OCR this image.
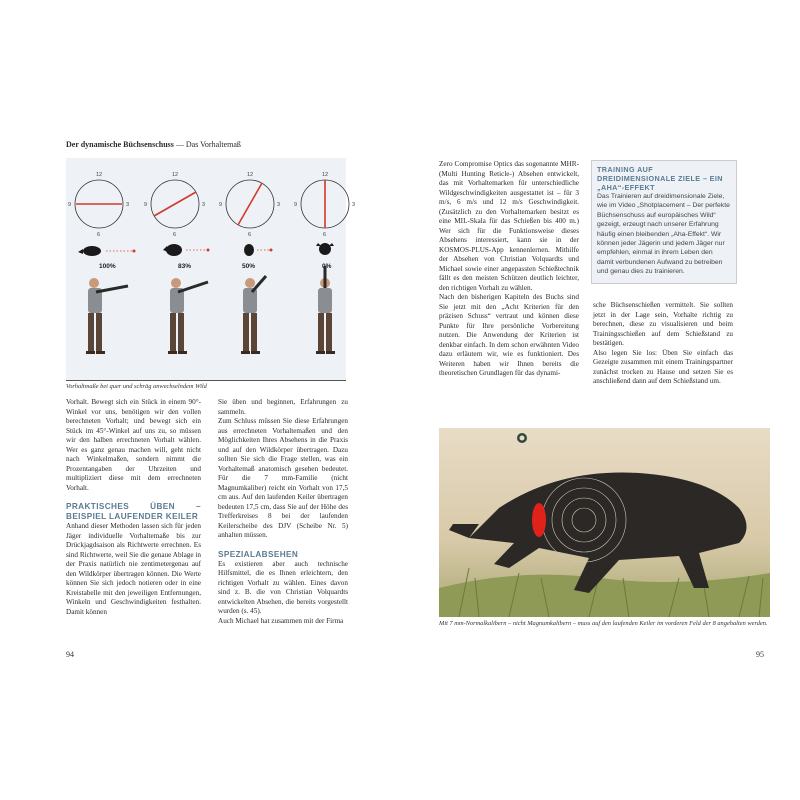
Der dynamische Büchsenschuss — Das Vorhaltemaß
12
9	3
6
12
9	3
6
12
9	3
6
12
9	3
6
100%	83%	50%	0%
Vorhaltmaße bei quer und schräg anwechselndem Wild

Vorhalt. Bewegt sich ein Stück in einem 90°-Winkel vor uns, benötigen wir den vollen berechneten Vorhalt; und bewegt sich ein Stück im 45°-Winkel auf uns zu, so müssen wir den halben errechneten Vorhalt wählen. Wer es ganz genau machen will, geht nicht nach Winkelmaßen, sondern nimmt die Prozentangaben der Uhrzeiten und multipliziert diese mit dem errechneten Vorhalt.

PRAKTISCHES ÜBEN – BEISPIEL LAUFENDER KEILER

Anhand dieser Methoden lassen sich für jeden Jäger individuelle Vorhaltemaße bis zur Drückjagdsaison als Richtwerte errechnen. Es sind Richtwerte, weil Sie die genaue Ablage in der Praxis natürlich nie zentimetergenau auf den Wildkörper übertragen können. Die Werte können Sie sich jedoch notieren oder in eine Kreistabelle mit den jeweiligen Entfernungen, Winkeln und Geschwindigkeiten festhalten. Damit können

Sie üben und beginnen, Erfahrungen zu sammeln.

Zum Schluss müssen Sie diese Erfahrungen aus errechneten Vorhaltemaßen und den Möglichkeiten Ihres Absehens in die Praxis und auf den Wildkörper übertragen. Dazu sollten Sie sich die Frage stellen, was ein Vorhaltemaß anatomisch gesehen bedeutet. Für die 7 mm-Familie (nicht Magnumkaliber) reicht ein Vorhalt von 17,5 cm aus. Auf den laufenden Keiler übertragen bedeuten 17,5 cm, dass Sie auf der Höhe des Trefferkreises 8 bei der laufenden Keilerscheibe des DJV (Scheibe Nr. 5) anhalten müssen.

SPEZIALABSEHEN

Es existieren aber auch technische Hilfsmittel, die es Ihnen erleichtern, den richtigen Vorhalt zu wählen. Eines davon sind z. B. die von Christian Volquardts entwickelten Absehen, die bereits vorgestellt wurden (s. 45).

Auch Michael hat zusammen mit der Firma

Zero Compromise Optics das sogenannte MHR- (Multi Hunting Reticle-) Absehen entwickelt, das mit Vorhaltemarken für unterschiedliche Wildgeschwindigkeiten ausgestattet ist – für 3 m/s, 6 m/s und 12 m/s Geschwindigkeit. (Zusätzlich zu den Vorhaltemarken besitzt es eine MIL-Skala für das Schießen bis 400 m.) Wer sich für die Funktionsweise dieses Absehens interessiert, kann sie in der KOSMOS-PLUS-App kennenlernen. Mithilfe der Absehen von Christian Volquardts und Michael sowie einer angepassten Schießtechnik fällt es den meisten Schützen deutlich leichter, den richtigen Vorhalt zu wählen.

Nach den bisherigen Kapiteln des Buchs sind Sie jetzt mit den „Acht Kriterien für den präzisen Schuss“ vertraut und können diese Punkte für Ihre persönliche Vorbereitung nutzen. Die Anwendung der Kriterien ist denkbar einfach. In dem schon erwähnten Video dazu erläutern wir, wie es funktioniert. Des Weiteren haben wir Ihnen bereits die theoretischen Grundlagen für das dynami-

TRAINING AUF DREIDIMENSIONALE ZIELE – EIN „AHA“-EFFEKT
Das Trainieren auf dreidimensionale Ziele, wie im Video „Shotplacement – Der perfekte Büchsenschuss auf europäisches Wild“ gezeigt, erzeugt nach unserer Erfahrung häufig einen bleibenden „Aha-Effekt“. Wir können jeder Jägerin und jedem Jäger nur empfehlen, einmal in ihrem Leben den damit verbundenen Aufwand zu betreiben und genau dies zu trainieren.

sche Büchsenschießen vermittelt. Sie sollten jetzt in der Lage sein, Vorhalte richtig zu berechnen, diese zu visualisieren und beim Trainingsschießen auf dem Schießstand zu bestätigen.

Also legen Sie los: Üben Sie einfach das Gezeigte zusammen mit einem Trainingspartner zunächst trocken zu Hause und setzen Sie es anschließend dann auf dem Schießstand um.

Mit 7 mm-Normalkalibern – nicht Magnumkalibern – muss auf den laufenden Keiler im vorderen Feld der 8 angehalten werden.
94	95
